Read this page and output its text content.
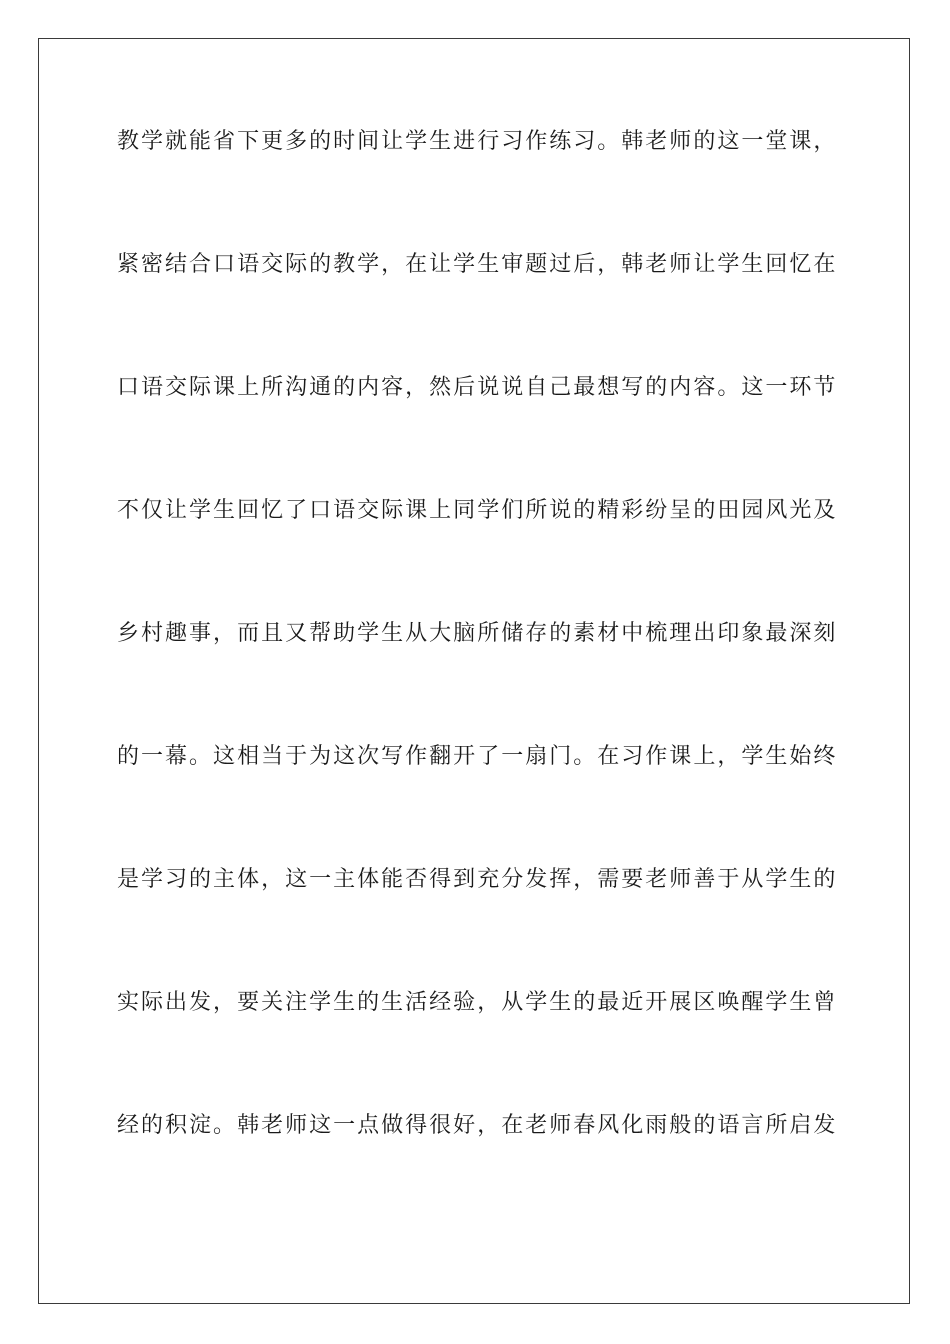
教学就能省下更多的时间让学生进行习作练习。韩老师的这一堂课，
紧密结合口语交际的教学，在让学生审题过后，韩老师让学生回忆在
口语交际课上所沟通的内容，然后说说自己最想写的内容。这一环节
不仅让学生回忆了口语交际课上同学们所说的精彩纷呈的田园风光及
乡村趣事，而且又帮助学生从大脑所储存的素材中梳理出印象最深刻
的一幕。这相当于为这次写作翻开了一扇门。在习作课上，学生始终
是学习的主体，这一主体能否得到充分发挥，需要老师善于从学生的
实际出发，要关注学生的生活经验，从学生的最近开展区唤醒学生曾
经的积淀。韩老师这一点做得很好，在老师春风化雨般的语言所启发
